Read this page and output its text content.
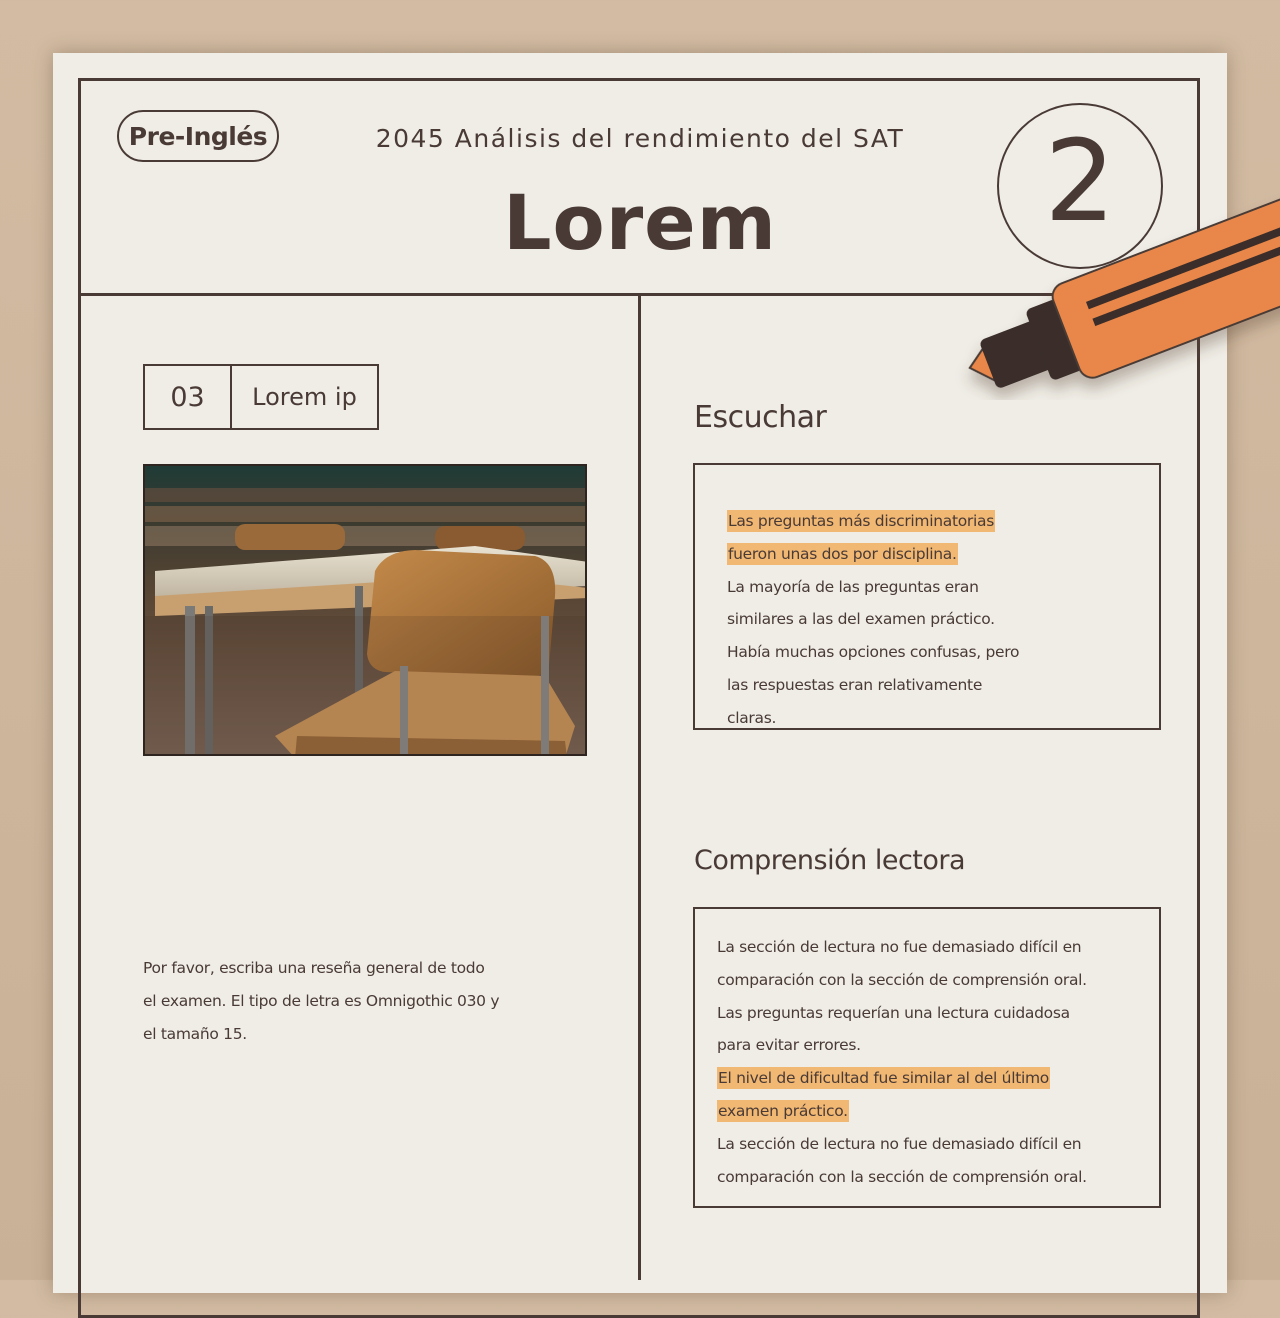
Pre-Inglés	2045 Análisis del rendimiento del SAT
Lorem	2
03	Lorem ip
Por favor, escriba una reseña general de todo
el examen. El tipo de letra es Omnigothic 030 y
el tamaño 15.
Escuchar
Las preguntas más discriminatorias
fueron unas dos por disciplina.
La mayoría de las preguntas eran
similares a las del examen práctico.
Había muchas opciones confusas, pero
las respuestas eran relativamente
claras.
Comprensión lectora
La sección de lectura no fue demasiado difícil en
comparación con la sección de comprensión oral.
Las preguntas requerían una lectura cuidadosa
para evitar errores.
El nivel de dificultad fue similar al del último
examen práctico.
La sección de lectura no fue demasiado difícil en
comparación con la sección de comprensión oral.
